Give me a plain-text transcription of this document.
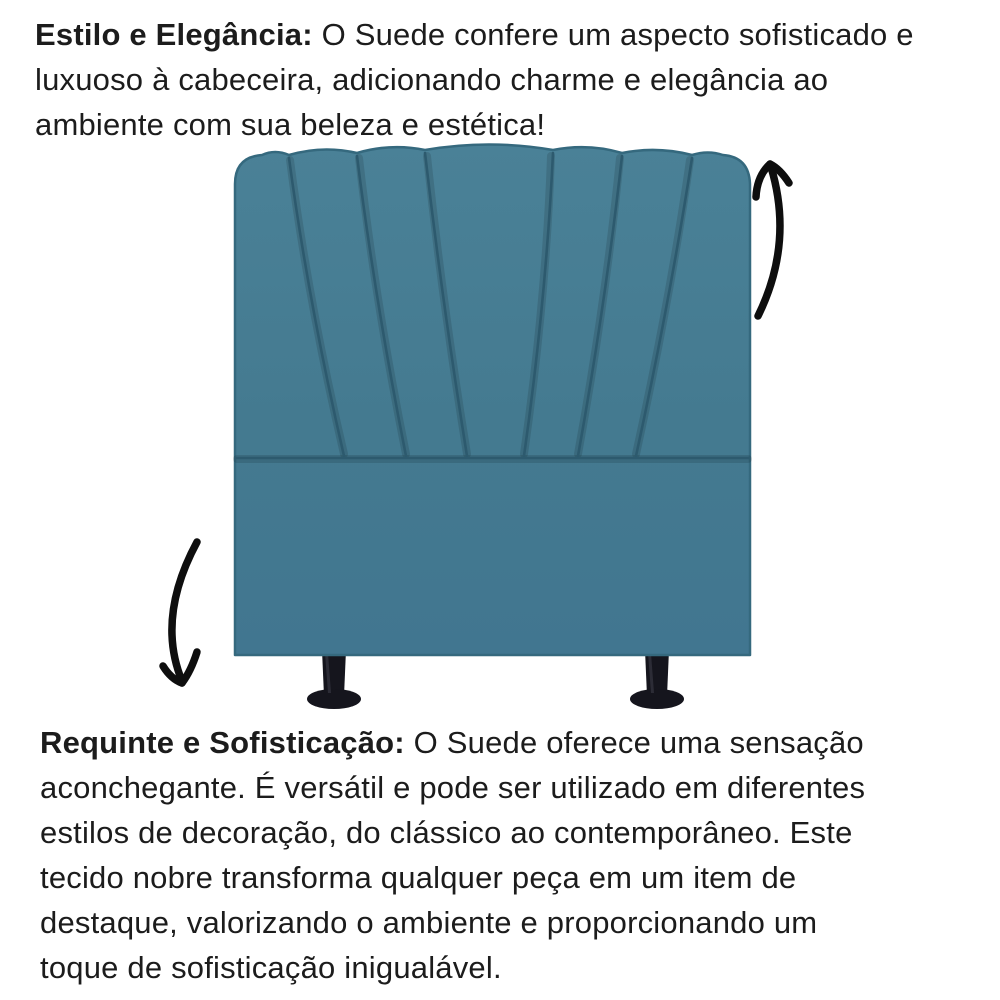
Estilo e Elegância: O Suede confere um aspecto sofisticado e
luxuoso à cabeceira, adicionando charme e elegância ao
ambiente com sua beleza e estética!
Requinte e Sofisticação: O Suede oferece uma sensação
aconchegante. É versátil e pode ser utilizado em diferentes
estilos de decoração, do clássico ao contemporâneo. Este
tecido nobre transforma qualquer peça em um item de
destaque, valorizando o ambiente e proporcionando um
toque de sofisticação inigualável.
